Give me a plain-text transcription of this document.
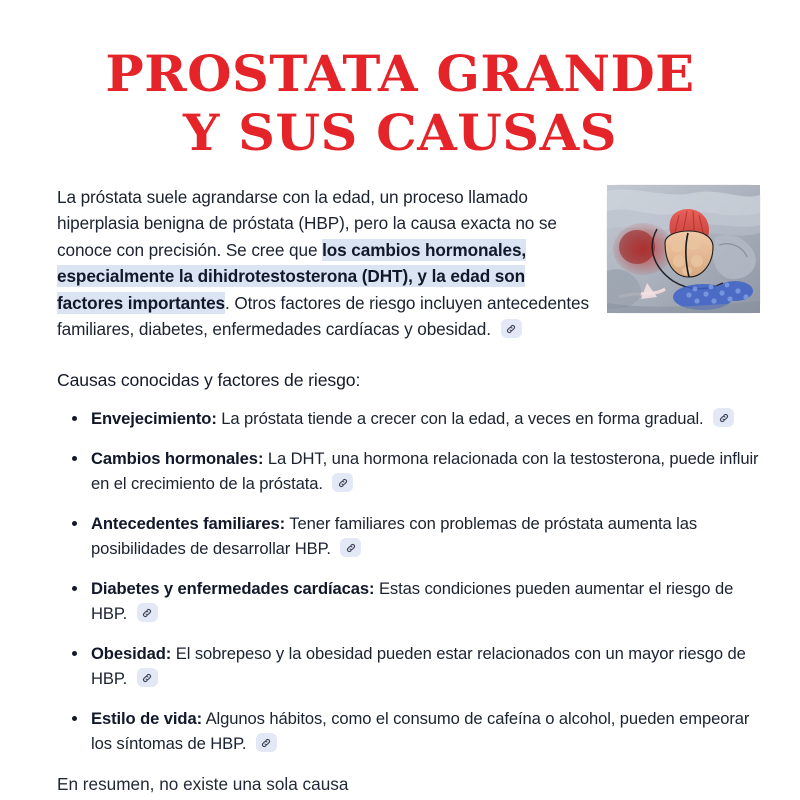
PROSTATA GRANDE
Y SUS CAUSAS

La próstata suele agrandarse con la edad, un proceso llamado hiperplasia benigna de próstata (HBP), pero la causa exacta no se conoce con precisión. Se cree que los cambios hormonales, especialmente la dihidrotestosterona (DHT), y la edad son factores importantes. Otros factores de riesgo incluyen antecedentes familiares, diabetes, enfermedades cardíacas y obesidad.

Causas conocidas y factores de riesgo:
Envejecimiento: La próstata tiende a crecer con la edad, a veces en forma gradual.
Cambios hormonales: La DHT, una hormona relacionada con la testosterona, puede influir en el crecimiento de la próstata.
Antecedentes familiares: Tener familiares con problemas de próstata aumenta las posibilidades de desarrollar HBP.
Diabetes y enfermedades cardíacas: Estas condiciones pueden aumentar el riesgo de HBP.
Obesidad: El sobrepeso y la obesidad pueden estar relacionados con un mayor riesgo de HBP.
Estilo de vida: Algunos hábitos, como el consumo de cafeína o alcohol, pueden empeorar los síntomas de HBP.
En resumen, no existe una sola causa
